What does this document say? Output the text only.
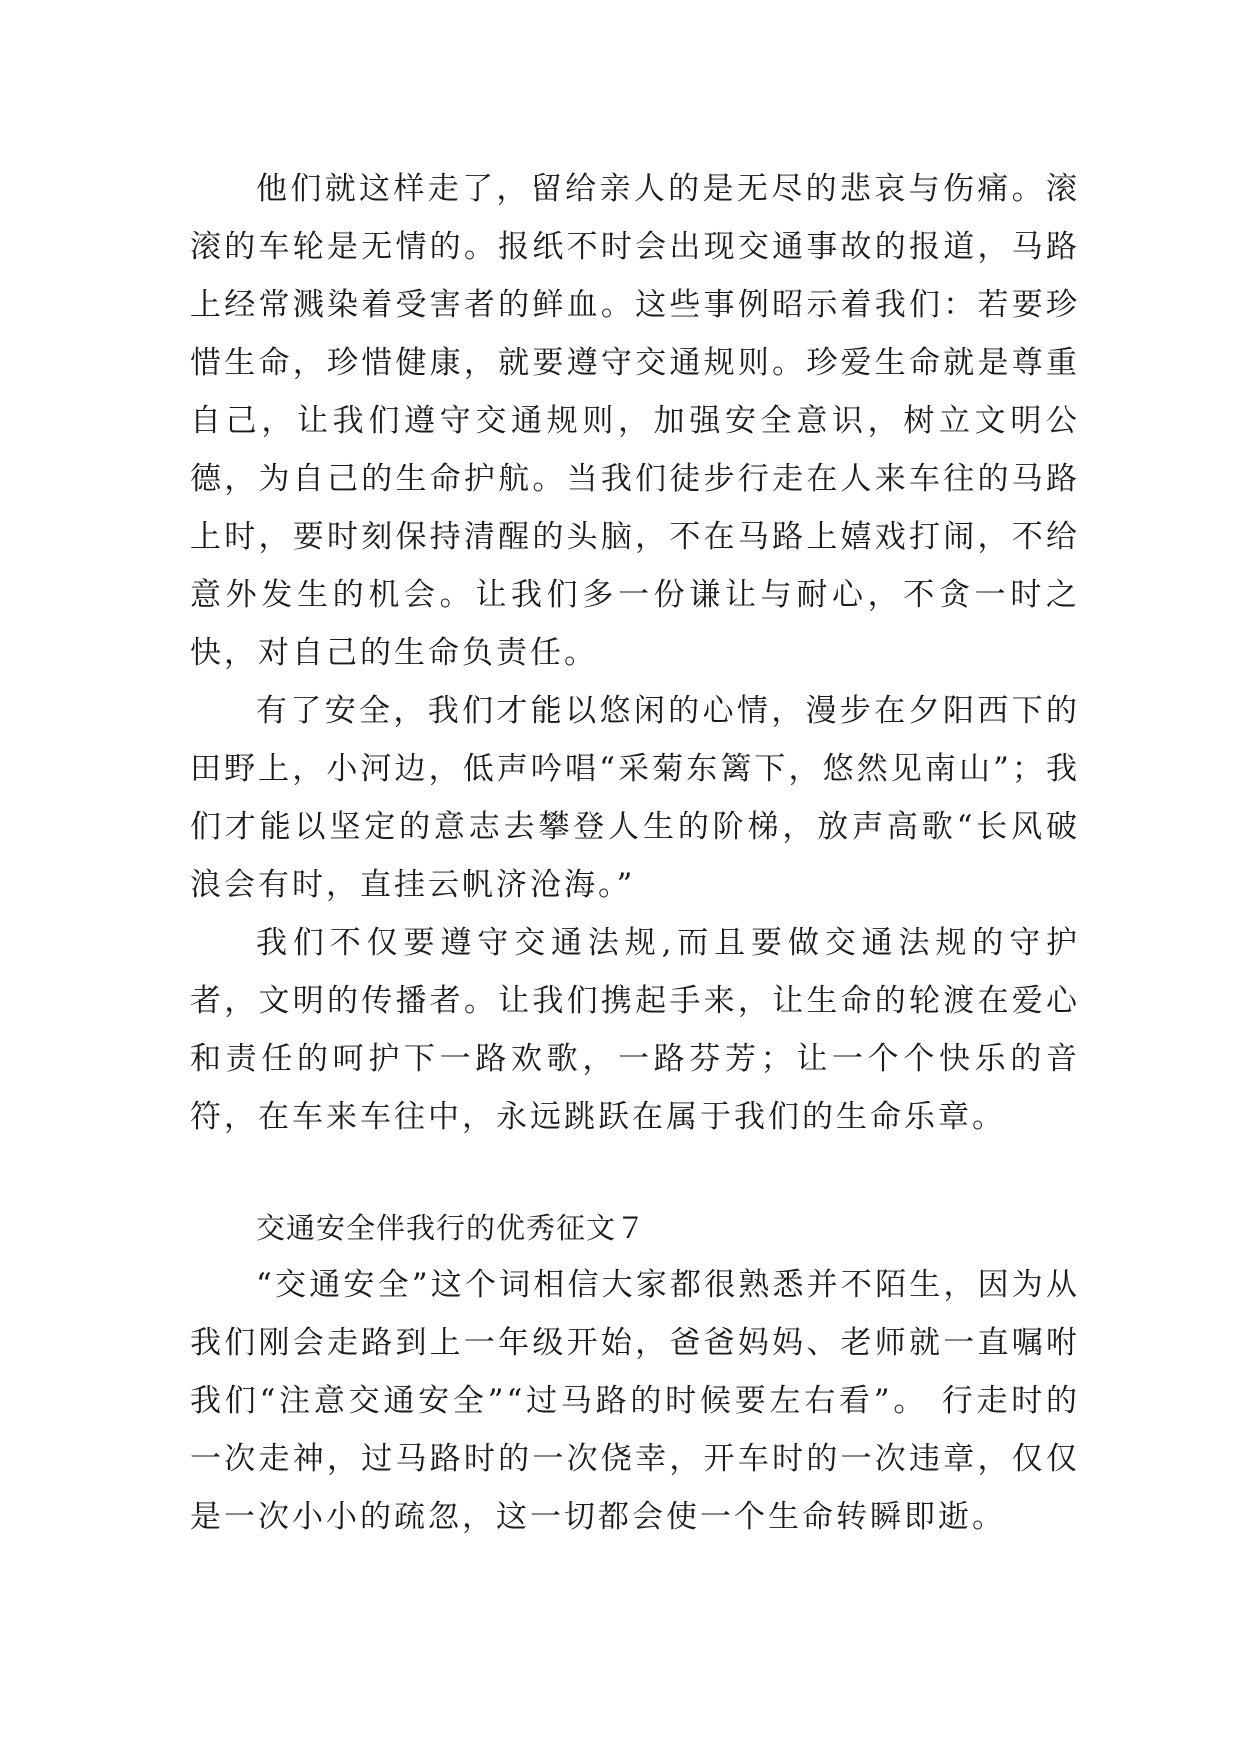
他们就这样走了，留给亲人的是无尽的悲哀与伤痛。滚滚的车轮是无情的。报纸不时会出现交通事故的报道，马路上经常溅染着受害者的鲜血。这些事例昭示着我们：若要珍惜生命，珍惜健康，就要遵守交通规则。珍爱生命就是尊重自己，让我们遵守交通规则，加强安全意识，树立文明公德，为自己的生命护航。当我们徒步行走在人来车往的马路上时，要时刻保持清醒的头脑，不在马路上嬉戏打闹，不给意外发生的机会。让我们多一份谦让与耐心，不贪一时之快，对自己的生命负责任。

有了安全，我们才能以悠闲的心情，漫步在夕阳西下的田野上，小河边，低声吟唱“采菊东篱下，悠然见南山”；我们才能以坚定的意志去攀登人生的阶梯，放声高歌“长风破浪会有时，直挂云帆济沧海。”

我们不仅要遵守交通法规,而且要做交通法规的守护者，文明的传播者。让我们携起手来，让生命的轮渡在爱心和责任的呵护下一路欢歌，一路芬芳；让一个个快乐的音符，在车来车往中，永远跳跃在属于我们的生命乐章。

交通安全伴我行的优秀征文７

“交通安全”这个词相信大家都很熟悉并不陌生，因为从我们刚会走路到上一年级开始，爸爸妈妈、老师就一直嘱咐我们“注意交通安全”“过马路的时候要左右看”。 行走时的一次走神，过马路时的一次侥幸，开车时的一次违章，仅仅是一次小小的疏忽，这一切都会使一个生命转瞬即逝。
